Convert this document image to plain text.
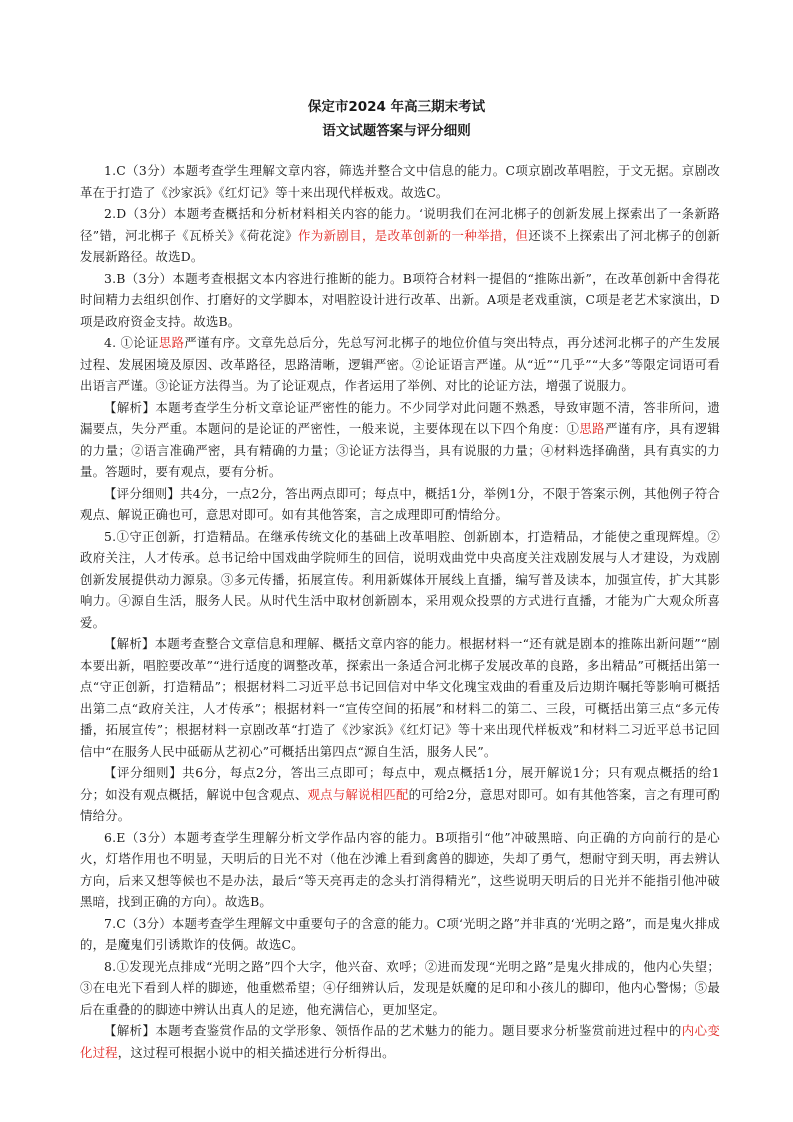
保定市2024 年高三期末考试
语文试题答案与评分细则

1.C（3分）本题考查学生理解文章内容，筛选并整合文中信息的能力。C项京剧改革唱腔，于文无据。京剧改革在于打造了《沙家浜》《红灯记》等十来出现代样板戏。故选C。

2.D（3分）本题考查概括和分析材料相关内容的能力。‘说明我们在河北梆子的创新发展上探索出了一条新路径”错，河北梆子《瓦桥关》《荷花淀》作为新剧目，是改革创新的一种举措，但还谈不上探索出了河北梆子的创新发展新路径。故选D。

3.B（3分）本题考查根据文本内容进行推断的能力。B项符合材料一提倡的“推陈出新”，在改革创新中舍得花时间精力去组织创作、打磨好的文学脚本，对唱腔设计进行改革、出新。A项是老戏重演，C项是老艺术家演出，D项是政府资金支持。故选B。

4. ①论证思路严谨有序。文章先总后分，先总写河北梆子的地位价值与突出特点，再分述河北梆子的产生发展过程、发展困境及原因、改革路径，思路清晰，逻辑严密。②论证语言严谨。从“近”“几乎”“大多”等限定词语可看出语言严谨。③论证方法得当。为了论证观点，作者运用了举例、对比的论证方法，增强了说服力。

【解析】本题考查学生分析文章论证严密性的能力。不少同学对此问题不熟悉，导致审题不清，答非所问，遗漏要点，失分严重。本题问的是论证的严密性，一般来说，主要体现在以下四个角度：①思路严谨有序，具有逻辑的力量；②语言准确严密，具有精确的力量；③论证方法得当，具有说服的力量；④材料选择确凿，具有真实的力量。答题时，要有观点，要有分析。

【评分细则】共4分，一点2分，答出两点即可；每点中，概括1分，举例1分，不限于答案示例，其他例子符合观点、解说正确也可，意思对即可。如有其他答案，言之成理即可酌情给分。

5.①守正创新，打造精品。在继承传统文化的基础上改革唱腔、创新剧本，打造精品，才能使之重现辉煌。②政府关注，人才传承。总书记给中国戏曲学院师生的回信，说明戏曲党中央高度关注戏剧发展与人才建设，为戏剧创新发展提供动力源泉。③多元传播，拓展宣传。利用新媒体开展线上直播，编写普及读本，加强宣传，扩大其影响力。④源自生活，服务人民。从时代生活中取材创新剧本，采用观众投票的方式进行直播，才能为广大观众所喜爱。

【解析】本题考查整合文章信息和理解、概括文章内容的能力。根据材料一“还有就是剧本的推陈出新问题”“剧本要出新，唱腔要改革”“进行适度的调整改革，探索出一条适合河北梆子发展改革的良路，多出精品”可概括出第一点“守正创新，打造精品”；根据材料二习近平总书记回信对中华文化瑰宝戏曲的看重及后边期许嘱托等影响可概括出第二点“政府关注，人才传承”；根据材料一“宣传空间的拓展”和材料二的第二、三段，可概括出第三点“多元传播，拓展宣传”；根据材料一京剧改革“打造了《沙家浜》《红灯记》等十来出现代样板戏”和材料二习近平总书记回信中“在服务人民中砥砺从艺初心”可概括出第四点“源自生活，服务人民”。

【评分细则】共6分，每点2分，答出三点即可；每点中，观点概括1分，展开解说1分；只有观点概括的给1分；如没有观点概括，解说中包含观点、观点与解说相匹配的可给2分，意思对即可。如有其他答案，言之有理可酌情给分。

6.E（3分）本题考查学生理解分析文学作品内容的能力。B项指引“他”冲破黑暗、向正确的方向前行的是心火，灯塔作用也不明显，天明后的日光不对（他在沙滩上看到禽兽的脚迹，失却了勇气，想耐守到天明，再去辨认方向，后来又想等候也不是办法，最后“等天亮再走的念头打消得精光”，这些说明天明后的日光并不能指引他冲破黑暗，找到正确的方向）。故选B。

7.C（3分）本题考查学生理解文中重要句子的含意的能力。C项‘光明之路”并非真的‘光明之路”，而是鬼火排成的，是魔鬼们引诱欺诈的伎俩。故选C。

8.①发现光点排成“光明之路”四个大字，他兴奋、欢呼；②进而发现“光明之路”是鬼火排成的，他内心失望；③在电光下看到人样的脚迹，他重燃希望；④仔细辨认后，发现是妖魔的足印和小孩儿的脚印，他内心警惕；⑤最后在重叠的的脚迹中辨认出真人的足迹，他充满信心，更加坚定。

【解析】本题考查鉴赏作品的文学形象、领悟作品的艺术魅力的能力。题目要求分析鉴赏前进过程中的内心变化过程，这过程可根据小说中的相关描述进行分析得出。
